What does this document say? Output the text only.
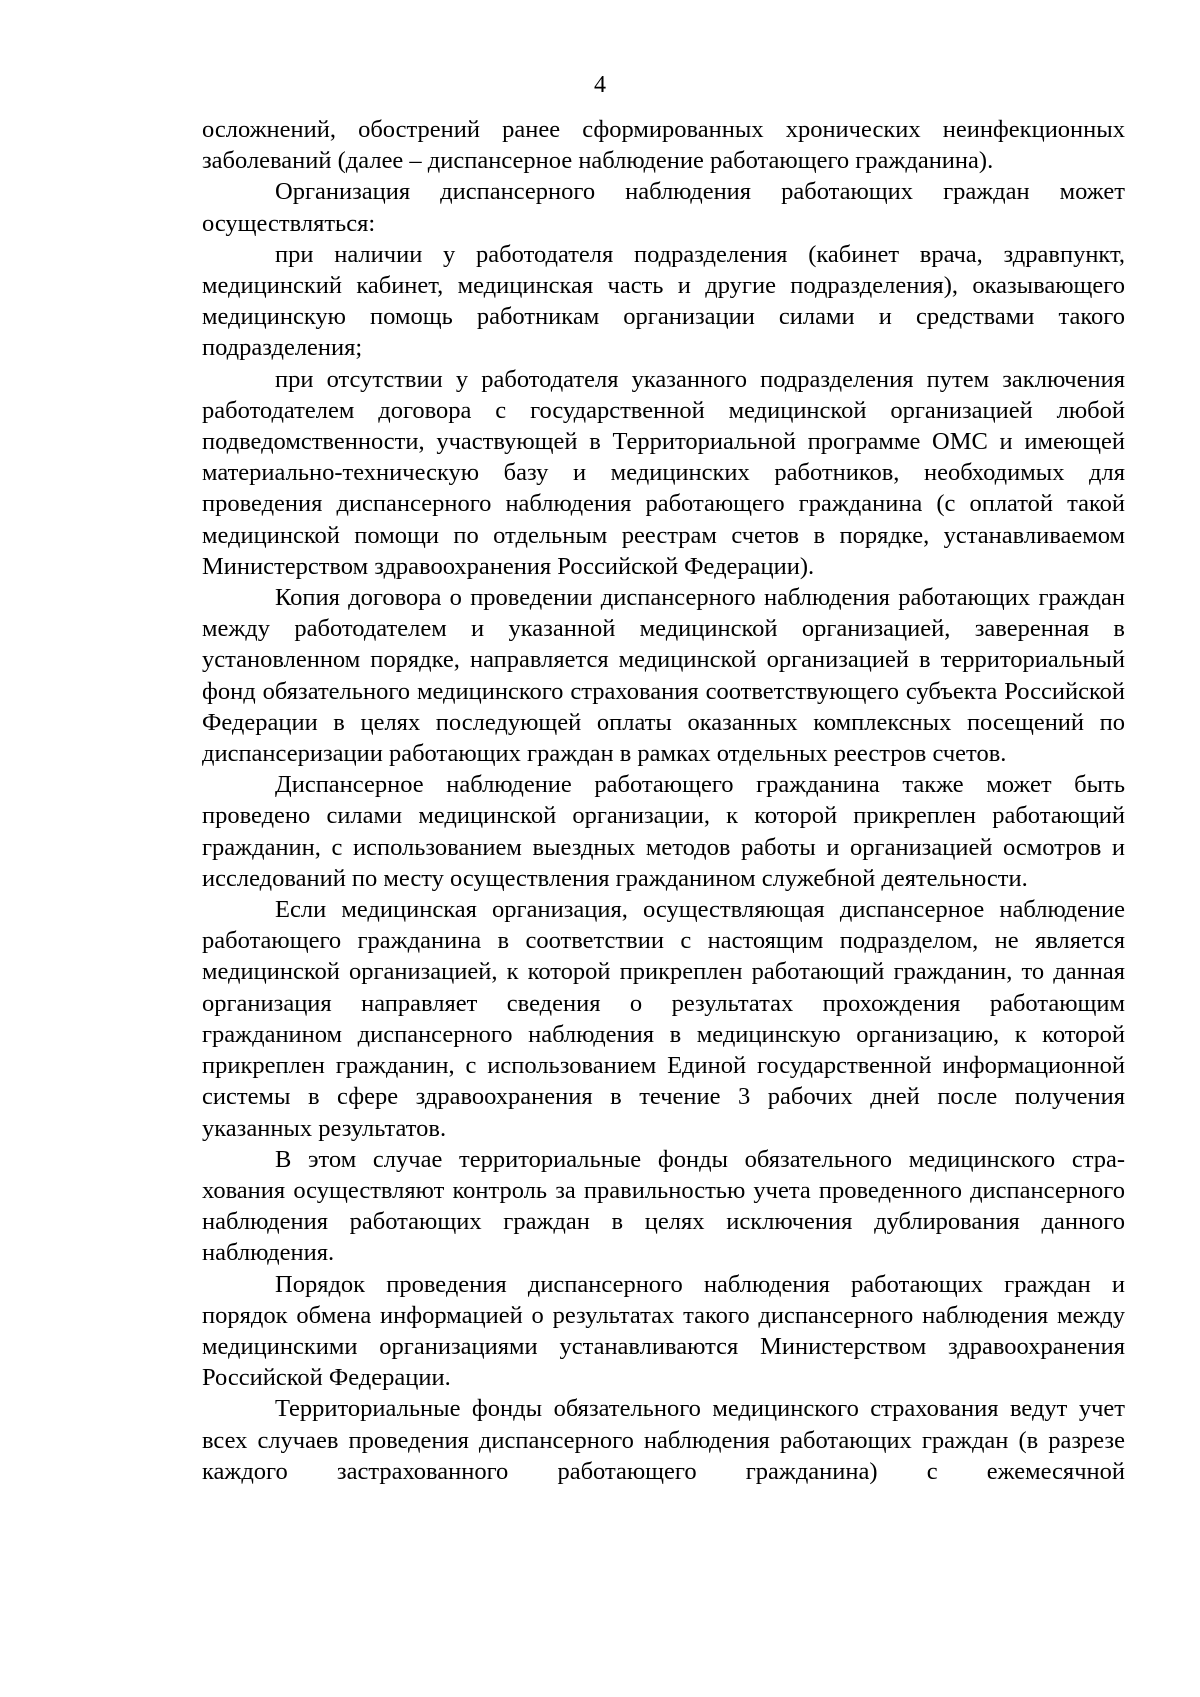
4

осложнений, обострений ранее сформированных хронических неинфекционных заболеваний (далее – диспансерное наблюдение работающего гражданина).

Организация диспансерного наблюдения работающих граждан может осуществляться:

при наличии у работодателя подразделения (кабинет врача, здравпункт, медицинский кабинет, медицинская часть и другие подразделения), оказывающего медицинскую помощь работникам организации силами и средствами такого подразделения;

при отсутствии у работодателя указанного подразделения путем заключения работодателем договора с государственной медицинской организацией любой подведомственности, участвующей в Территориальной программе ОМС и имеющей материально-техническую базу и медицинских работников, необходимых для проведения диспансерного наблюдения работающего гражданина (с оплатой такой медицинской помощи по отдельным реестрам счетов в порядке, устанавливаемом Министерством здравоохранения Российской Федерации).

Копия договора о проведении диспансерного наблюдения работающих граждан между работодателем и указанной медицинской организацией, заверенная в установленном порядке, направляется медицинской организацией в территориальный фонд обязательного медицинского страхования соответствующего субъекта Российской Федерации в целях последующей оплаты оказанных комплексных посещений по диспансеризации работающих граждан в рамках отдельных реестров счетов.

Диспансерное наблюдение работающего гражданина также может быть проведено силами медицинской организации, к которой прикреплен работающий гражданин, с использованием выездных методов работы и организацией осмотров и исследований по месту осуществления гражданином служебной деятельности.

Если медицинская организация, осуществляющая диспансерное наблюдение работающего гражданина в соответствии с настоящим подразделом, не является медицинской организацией, к которой прикреплен работающий гражданин, то данная организация направляет сведения о результатах прохождения работающим гражданином диспансерного наблюдения в медицинскую организацию, к которой прикреплен гражданин, с использованием Единой государственной информационной системы в сфере здравоохранения в течение 3 рабочих дней после получения указанных результатов.

В этом случае территориальные фонды обязательного медицинского страхования осуществляют контроль за правильностью учета проведенного диспансерного наблюдения работающих граждан в целях исключения дублирования данного наблюдения.

Порядок проведения диспансерного наблюдения работающих граждан и порядок обмена информацией о результатах такого диспансерного наблюдения между медицинскими организациями устанавливаются Министерством здравоохранения Российской Федерации.

Территориальные фонды обязательного медицинского страхования ведут учет всех случаев проведения диспансерного наблюдения работающих граждан (в разрезе каждого застрахованного работающего гражданина) с ежемесячной
